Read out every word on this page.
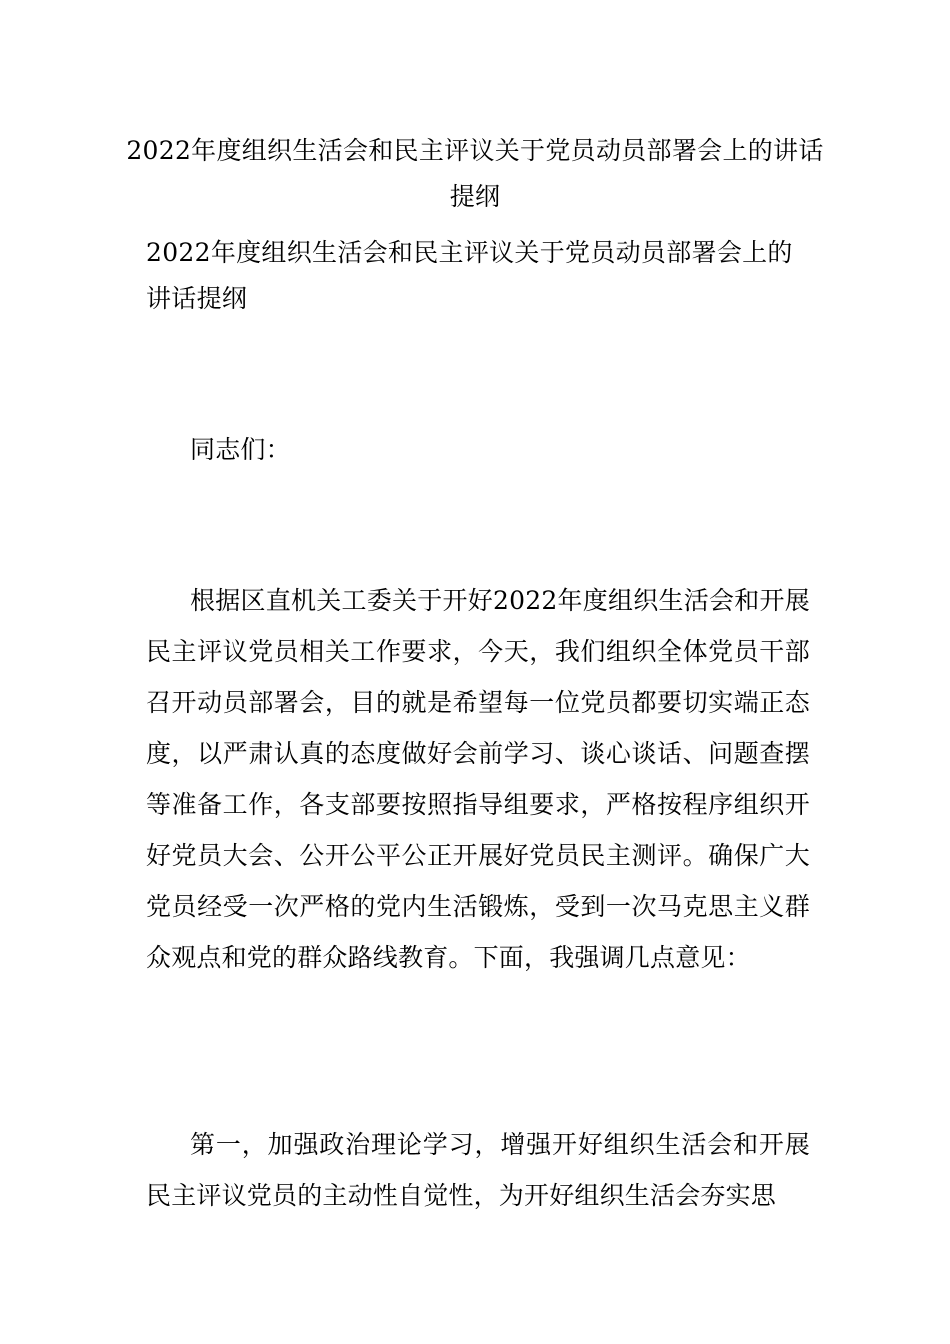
2022年度组织生活会和民主评议关于党员动员部署会上的讲话提纲
2022年度组织生活会和民主评议关于党员动员部署会上的讲话提纲

同志们：

根据区直机关工委关于开好2022年度组织生活会和开展民主评议党员相关工作要求，今天，我们组织全体党员干部召开动员部署会，目的就是希望每一位党员都要切实端正态度，以严肃认真的态度做好会前学习、谈心谈话、问题查摆等准备工作，各支部要按照指导组要求，严格按程序组织开好党员大会、公开公平公正开展好党员民主测评。确保广大党员经受一次严格的党内生活锻炼，受到一次马克思主义群众观点和党的群众路线教育。下面，我强调几点意见：

第一，加强政治理论学习，增强开好组织生活会和开展民主评议党员的主动性自觉性，为开好组织生活会夯实思
